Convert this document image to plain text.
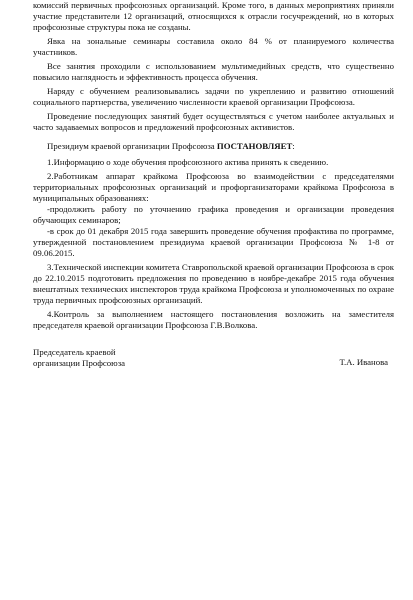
комиссий первичных профсоюзных организаций. Кроме того, в данных мероприятиях приняли участие представители 12 организаций, относящихся к отрасли госучреждений, но в которых профсоюзные структуры пока не созданы.

Явка на зональные семинары составила около 84 % от планируемого количества участников.

Все занятия проходили с использованием мультимедийных средств, что существенно повысило наглядность и эффективность процесса обучения.

Наряду с обучением реализовывались задачи по укреплению и развитию отношений социального партнерства, увеличению численности краевой организации Профсоюза.

Проведение последующих занятий будет осуществляться с учетом наиболее актуальных и часто задаваемых вопросов и предложений профсоюзных активистов.

Президиум краевой организации Профсоюза ПОСТАНОВЛЯЕТ:

1.Информацию о ходе обучения профсоюзного актива принять к сведению.

2.Работникам аппарат крайкома Профсоюза во взаимодействии с председателями территориальных профсоюзных организаций и профорганизаторами крайкома Профсоюза в муниципальных образованиях:

-продолжить работу по уточнению графика проведения и организации проведения обучающих семинаров;

-в срок до 01 декабря 2015 года завершить проведение обучения профактива по программе, утвержденной постановлением президиума краевой организации Профсоюза № 1-8 от 09.06.2015.

3.Технической инспекции комитета Ставропольской краевой организации Профсоюза в срок до 22.10.2015 подготовить предложения по проведению в ноябре-декабре 2015 года обучения внештатных технических инспекторов труда крайкома Профсоюза и уполномоченных по охране труда первичных профсоюзных организаций.

4.Контроль за выполнением настоящего постановления возложить на заместителя председателя краевой организации Профсоюза Г.В.Волкова.

Председатель краевой
организации Профсоюза	Т.А. Иванова
